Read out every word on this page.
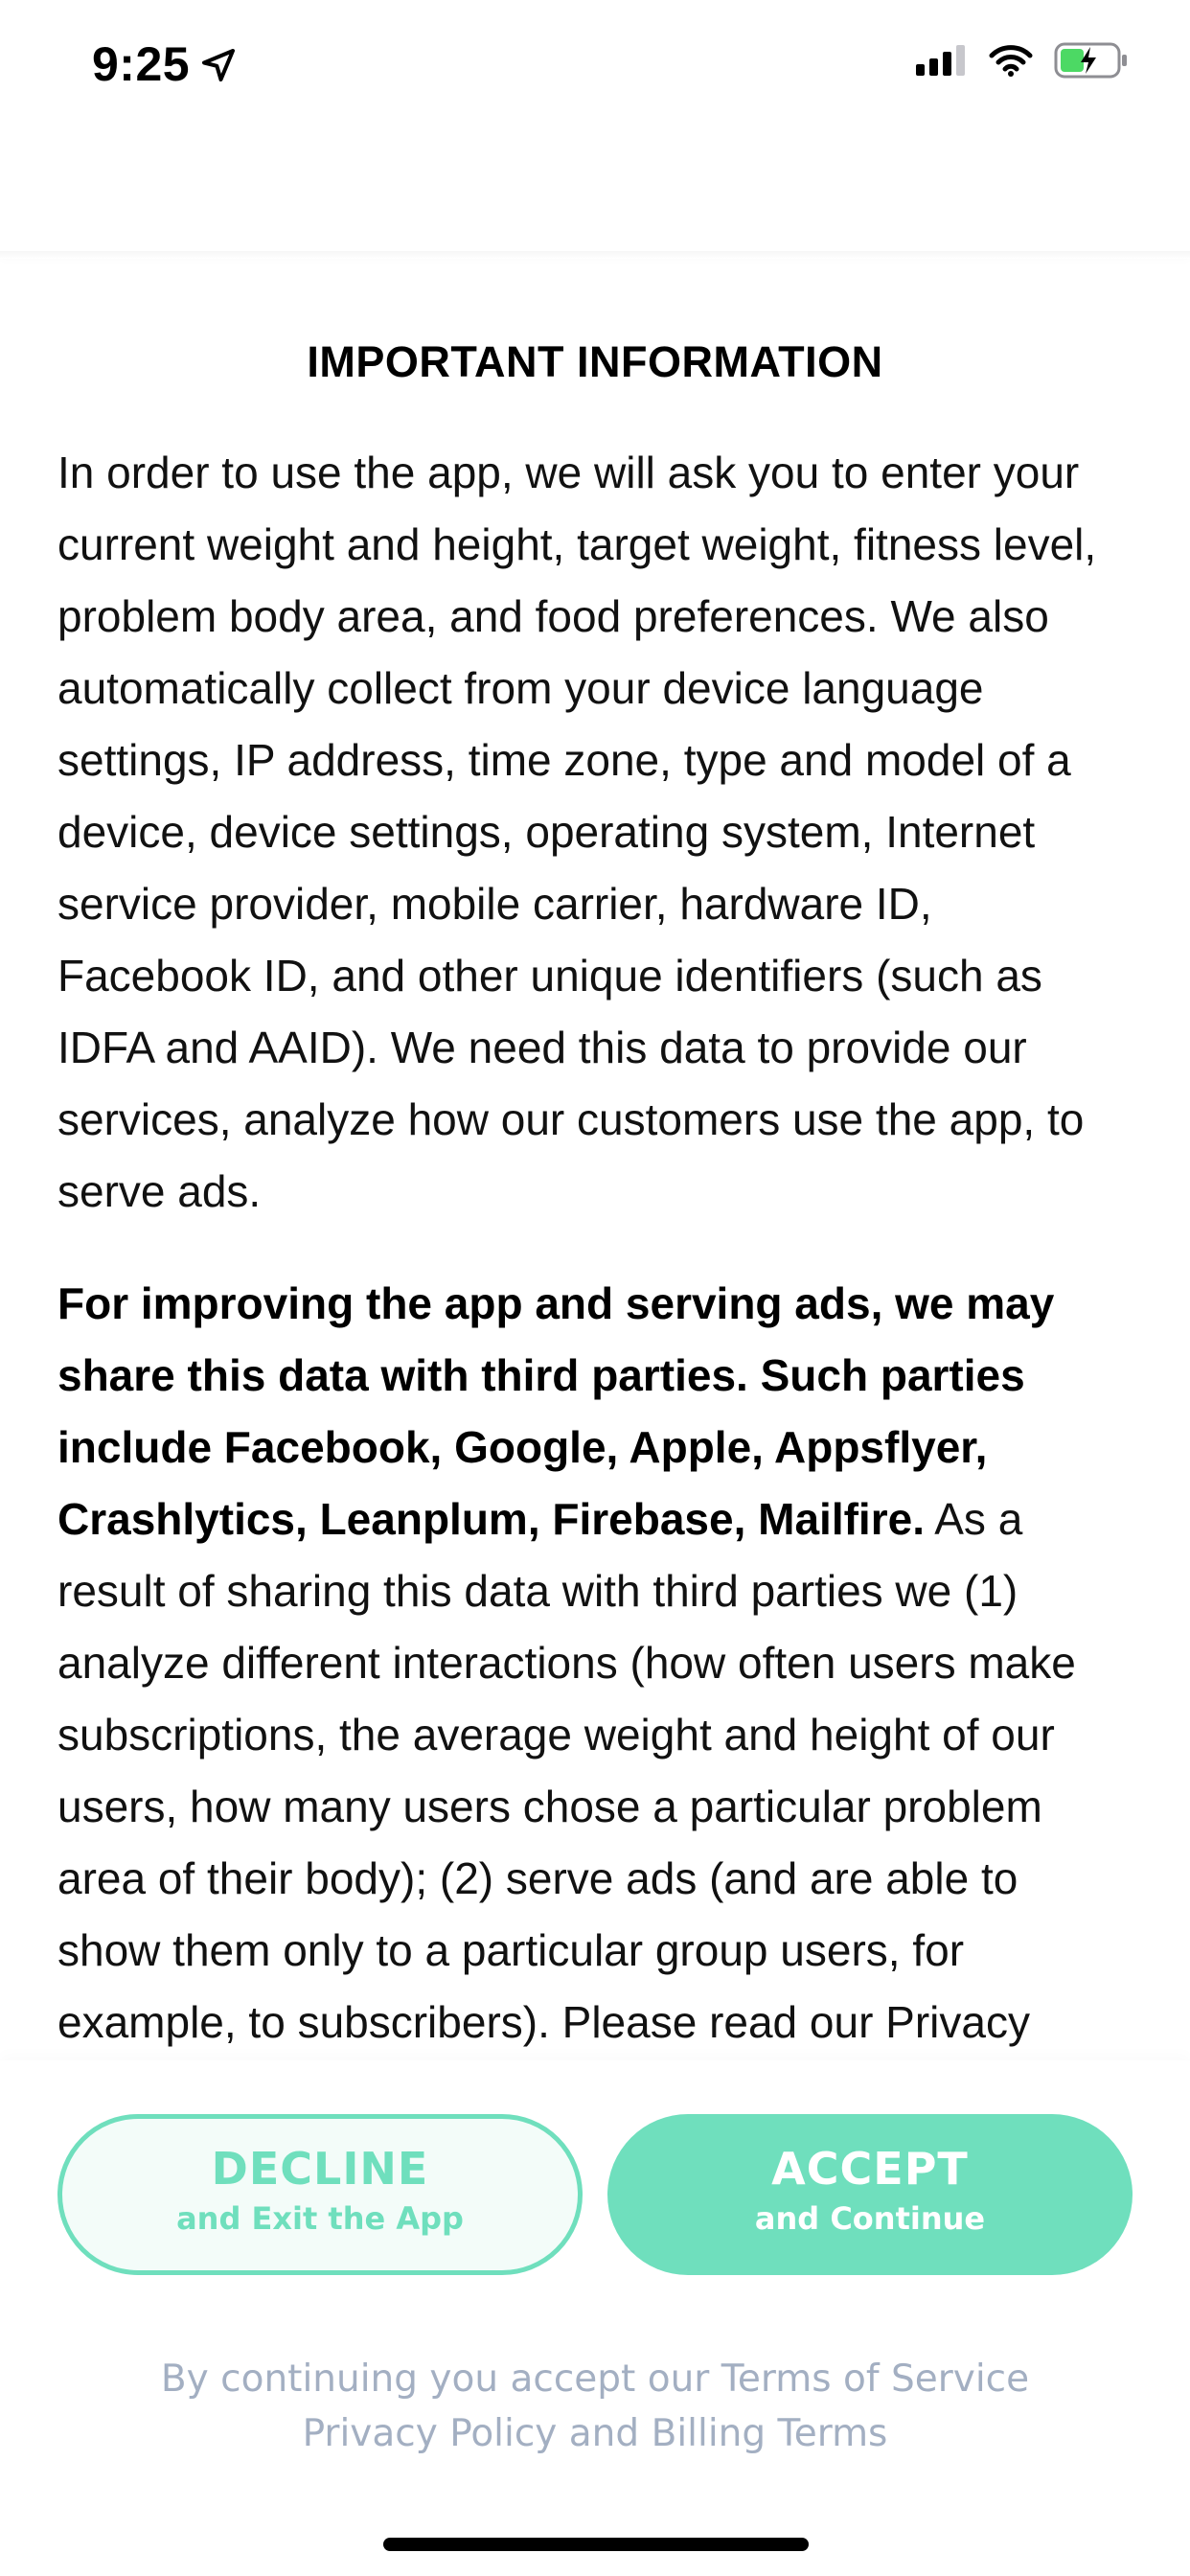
9:25
IMPORTANT INFORMATION

In order to use the app, we will ask you to enter your current weight and height, target weight, fitness level, problem body area, and food preferences. We also automatically collect from your device language settings, IP address, time zone, type and model of a device, device settings, operating system, Internet service provider, mobile carrier, hardware ID, Facebook ID, and other unique identifiers (such as IDFA and AAID). We need this data to provide our services, analyze how our customers use the app, to serve ads.

For improving the app and serving ads, we may share this data with third parties. Such parties include Facebook, Google, Apple, Appsflyer, Crashlytics, Leanplum, Firebase, Mailfire. As a result of sharing this data with third parties we (1) analyze different interactions (how often users make subscriptions, the average weight and height of our users, how many users chose a particular problem area of their body); (2) serve ads (and are able to show them only to a particular group users, for example, to subscribers). Please read our Privacy

DECLINE
and Exit the App
ACCEPT
and Continue
By continuing you accept our Terms of Service Privacy Policy and Billing Terms
